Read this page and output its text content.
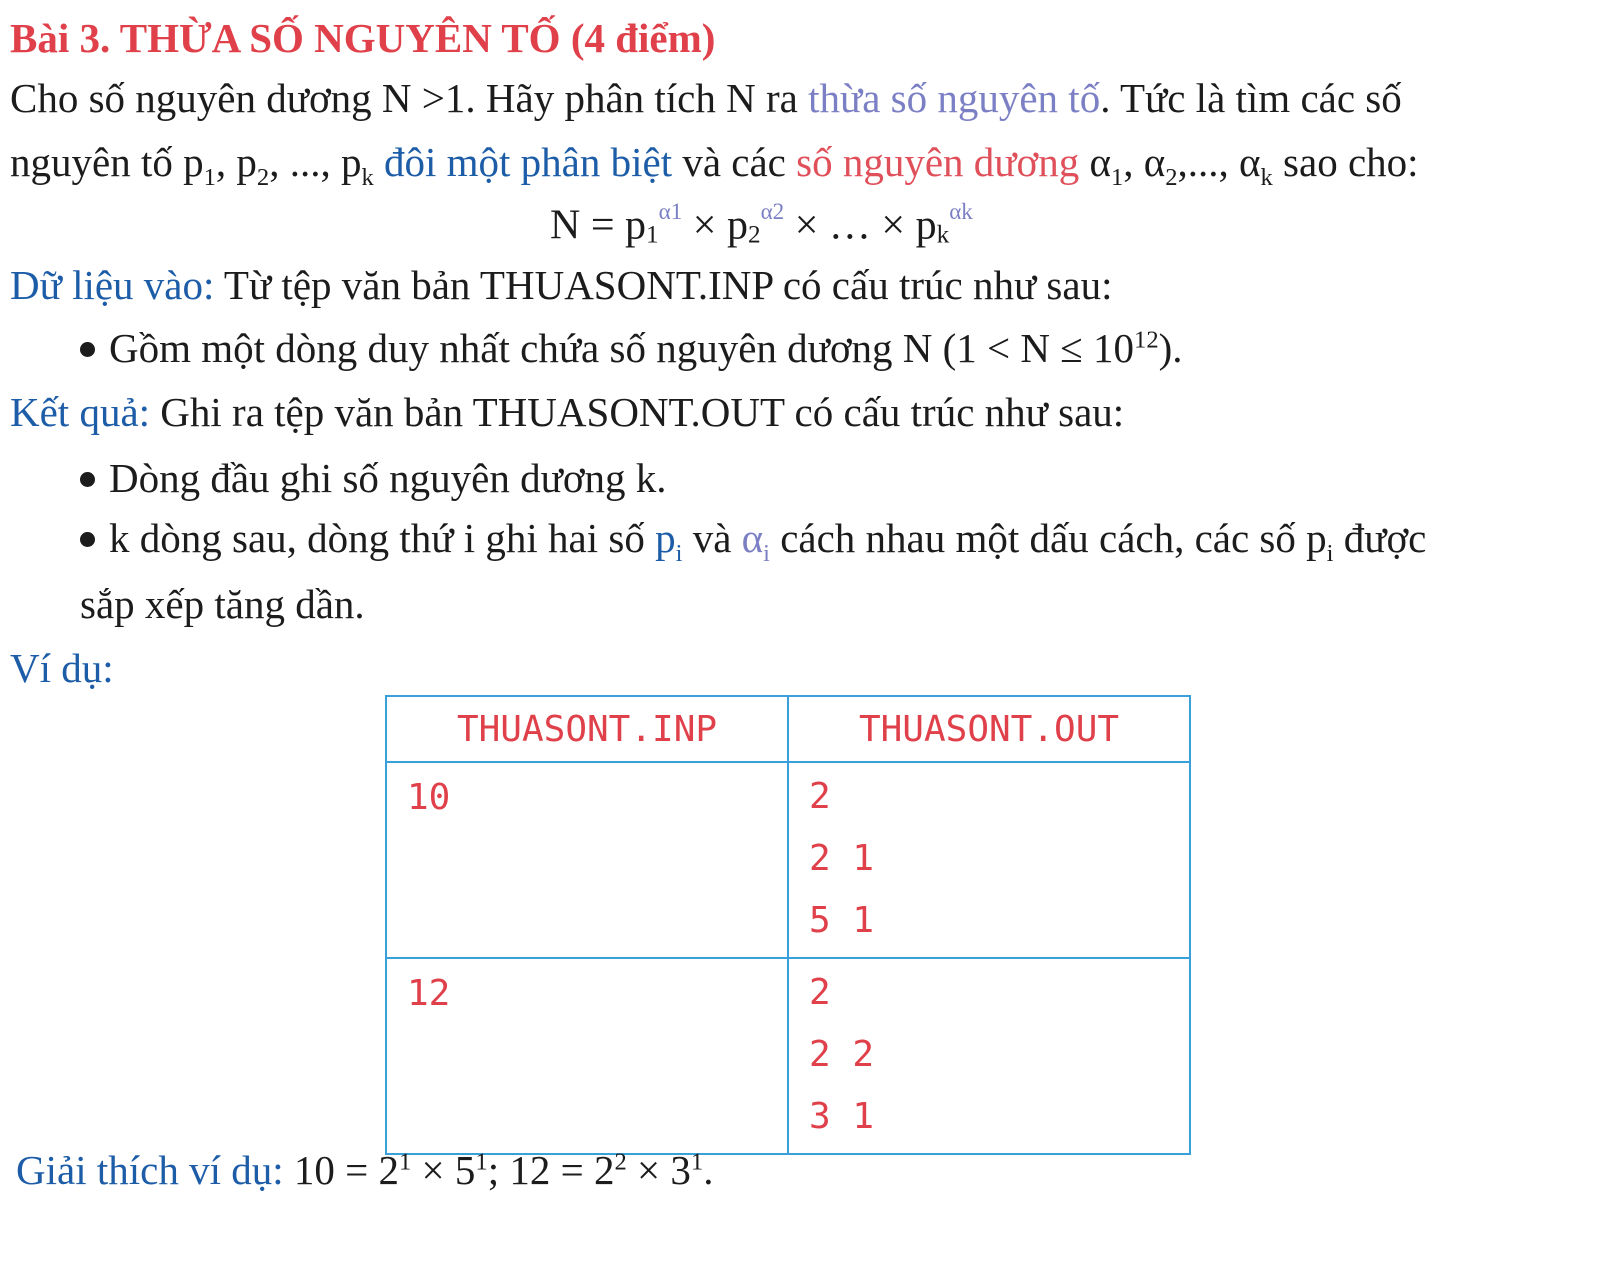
Bài 3. THỪA SỐ NGUYÊN TỐ (4 điểm)
Cho số nguyên dương N >1. Hãy phân tích N ra thừa số nguyên tố. Tức là tìm các số
nguyên tố $p_1$, $p_2$, ..., $p_k$ đôi một phân biệt và các số nguyên dương $\alpha_1$, $\alpha_2$,..., $\alpha_k$ sao cho:
$N = p1^{\alpha 1} \times p2^{\alpha 2}$ × … × $pk^{\alpha k}$
Dữ liệu vào: Từ tệp văn bản THUASONT.INP có cấu trúc như sau:
Gồm một dòng duy nhất chứa số nguyên dương N $(1 < N \le 10^{12})$.
Kết quả: Ghi ra tệp văn bản THUASONT.OUT có cấu trúc như sau:
Dòng đầu ghi số nguyên dương k.
k dòng sau, dòng thứ i ghi hai số $p_i$ và $\alpha_i$ cách nhau một dấu cách, các số $p_i$ được
sắp xếp tăng dần.
Ví dụ:
THUASONT.INP	THUASONT.OUT

10	2
2 1
5 1

12	2
2 2
3 1
Giải thích ví dụ: $10 = 2^1 \times 5^1$; $12 = 2^2 \times 3^1$.
